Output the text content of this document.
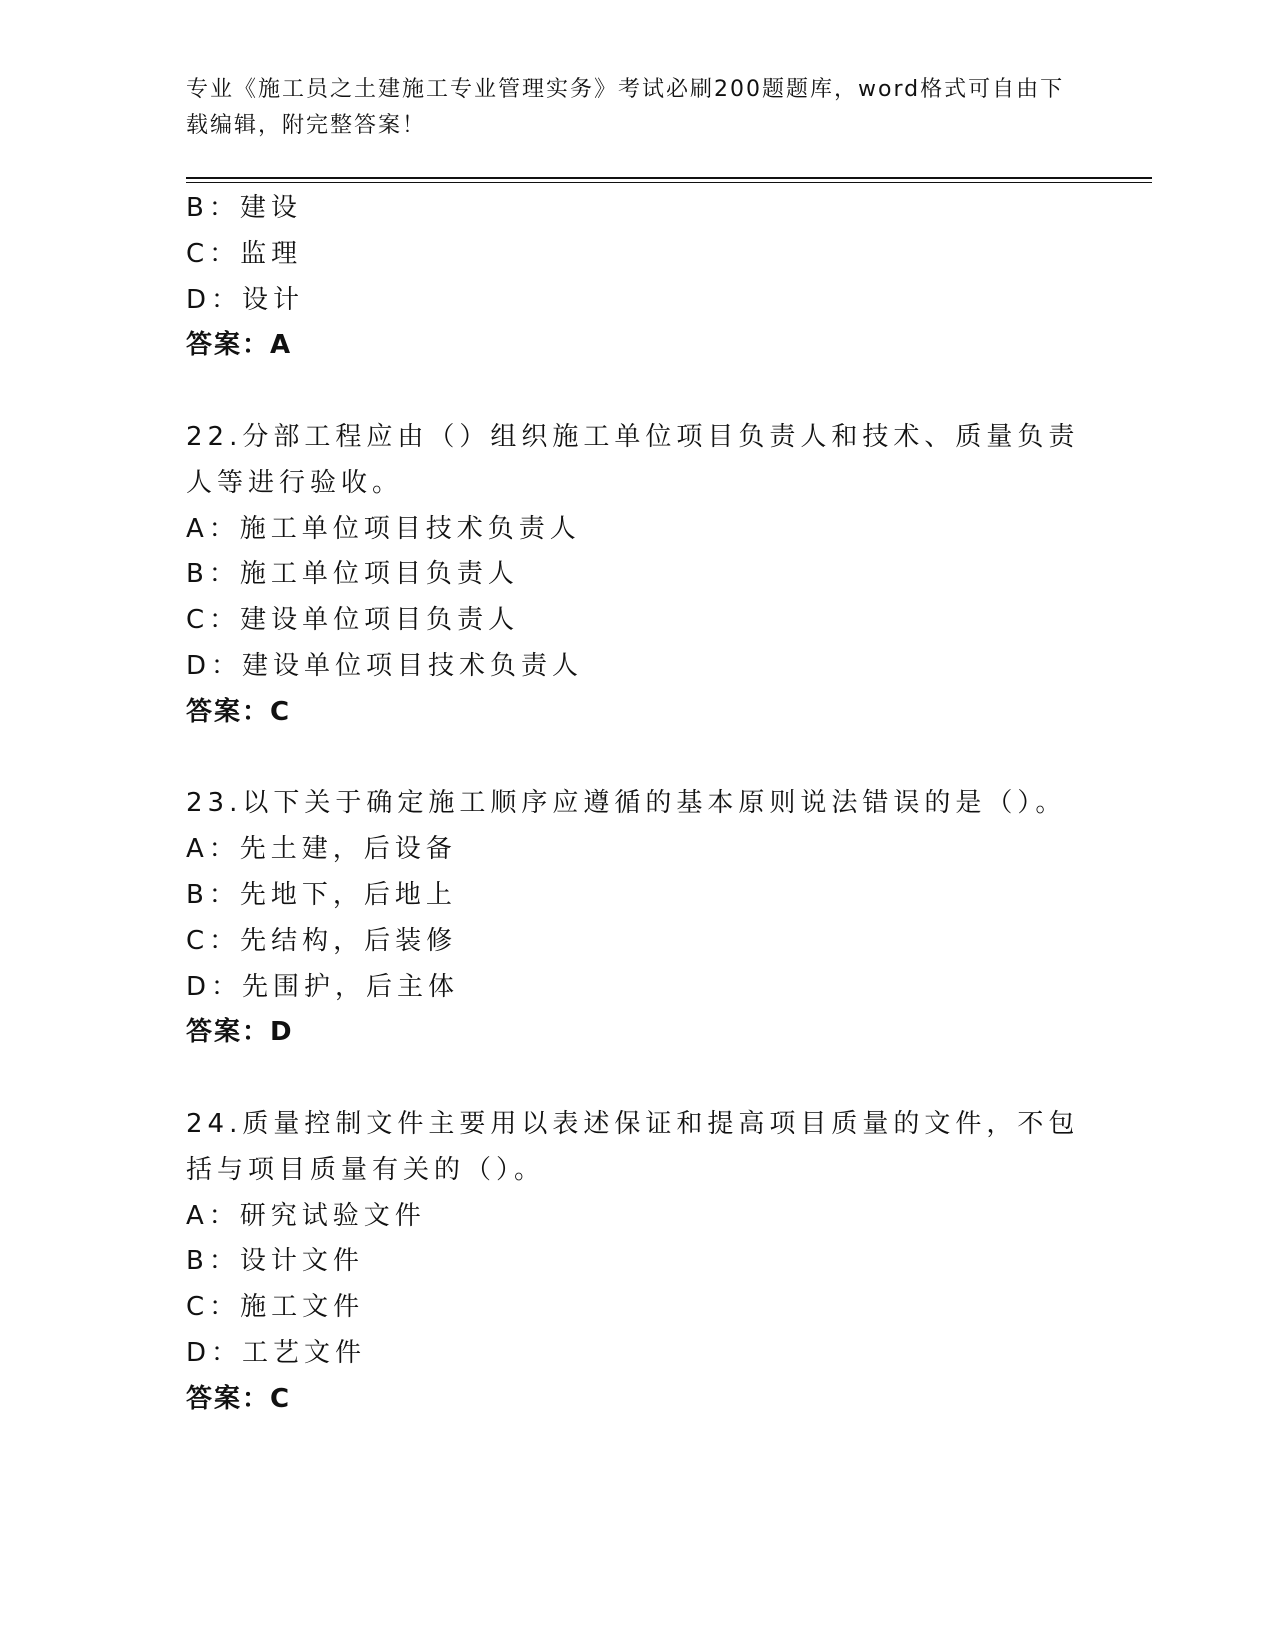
专业《施工员之土建施工专业管理实务》考试必刷200题题库，word格式可自由下载编辑，附完整答案！
B：建设
C：监理
D：设计
答案：A
22.分部工程应由（）组织施工单位项目负责人和技术、质量负责人等进行验收。
A：施工单位项目技术负责人
B：施工单位项目负责人
C：建设单位项目负责人
D：建设单位项目技术负责人
答案：C
23.以下关于确定施工顺序应遵循的基本原则说法错误的是（）。
A：先土建，后设备
B：先地下，后地上
C：先结构，后装修
D：先围护，后主体
答案：D
24.质量控制文件主要用以表述保证和提高项目质量的文件，不包括与项目质量有关的（）。
A：研究试验文件
B：设计文件
C：施工文件
D：工艺文件
答案：C
